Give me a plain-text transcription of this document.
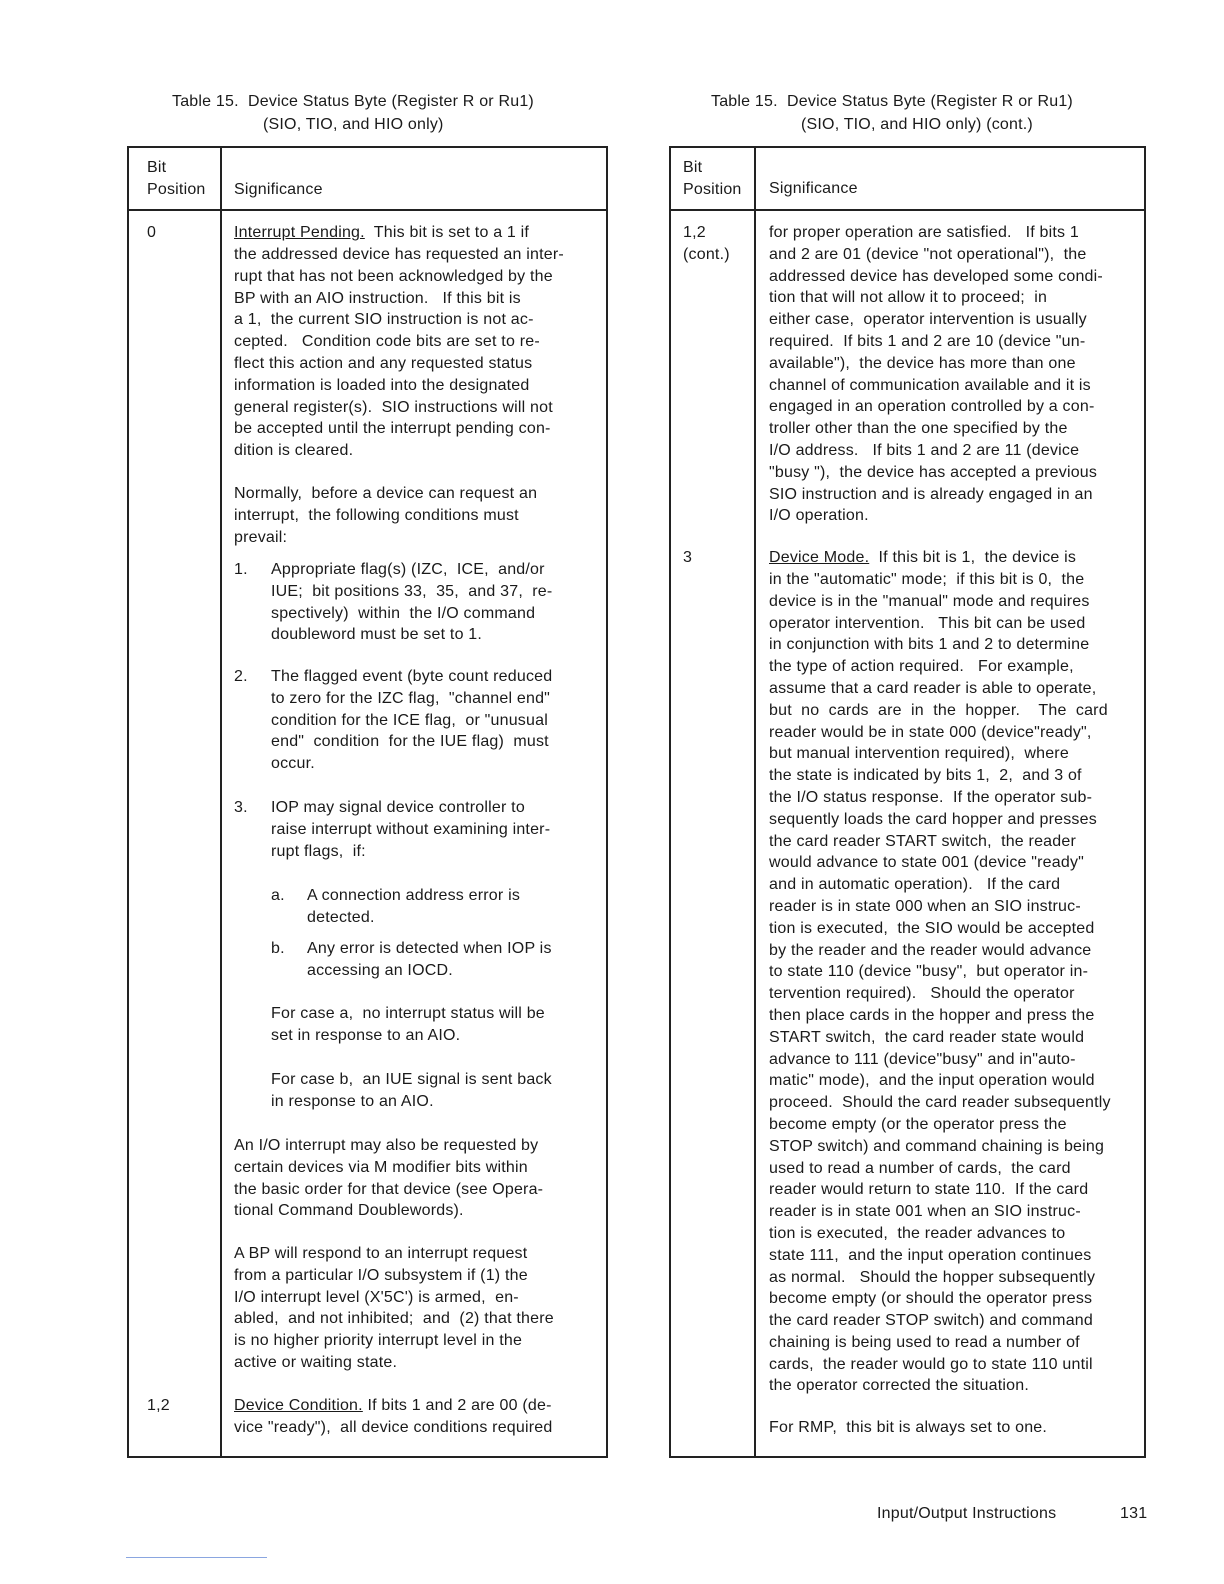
Table 15.  Device Status Byte (Register R or Ru1)
(SIO, TIO, and HIO only)
Bit
Position Significance
0	Interrupt Pending.  This bit is set to a 1 if
the addressed device has requested an inter-
rupt that has not been acknowledged by the
BP with an AIO instruction.   If this bit is
a 1,  the current SIO instruction is not ac-
cepted.   Condition code bits are set to re-
flect this action and any requested status
information is loaded into the designated
general register(s).  SIO instructions will not
be accepted until the interrupt pending con-
dition is cleared.
Normally,  before a device can request an
interrupt,  the following conditions must
prevail:
1. Appropriate flag(s) (IZC,  ICE,  and/or
IUE;  bit positions 33,  35,  and 37,  re-
spectively)  within  the I/O command
doubleword must be set to 1.
2. The flagged event (byte count reduced
to zero for the IZC flag,  "channel end"
condition for the ICE flag,  or "unusual
end"  condition  for the IUE flag)  must
occur.
3. IOP may signal device controller to
raise interrupt without examining inter-
rupt flags,  if:
a. A connection address error is
detected.
b. Any error is detected when IOP is
accessing an IOCD.
For case a,  no interrupt status will be
set in response to an AIO.
For case b,  an IUE signal is sent back
in response to an AIO.
An I/O interrupt may also be requested by
certain devices via M modifier bits within
the basic order for that device (see Opera-
tional Command Doublewords).
A BP will respond to an interrupt request
from a particular I/O subsystem if (1) the
I/O interrupt level (X'5C') is armed,  en-
abled,  and not inhibited;  and  (2) that there
is no higher priority interrupt level in the
active or waiting state.
1,2	Device Condition. If bits 1 and 2 are 00 (de-
vice "ready"),  all device conditions required
Table 15.  Device Status Byte (Register R or Ru1)
(SIO, TIO, and HIO only) (cont.)
Bit
Position Significance
1,2
(cont.)
for proper operation are satisfied.   If bits 1
and 2 are 01 (device "not operational"),  the
addressed device has developed some condi-
tion that will not allow it to proceed;  in
either case,  operator intervention is usually
required.  If bits 1 and 2 are 10 (device "un-
available"),  the device has more than one
channel of communication available and it is
engaged in an operation controlled by a con-
troller other than the one specified by the
I/O address.   If bits 1 and 2 are 11 (device
"busy "),  the device has accepted a previous
SIO instruction and is already engaged in an
I/O operation.
3	Device Mode.  If this bit is 1,  the device is
in the "automatic" mode;  if this bit is 0,  the
device is in the "manual" mode and requires
operator intervention.   This bit can be used
in conjunction with bits 1 and 2 to determine
the type of action required.   For example,
assume that a card reader is able to operate,
but  no  cards  are  in  the  hopper.    The  card
reader would be in state 000 (device"ready",
but manual intervention required),  where
the state is indicated by bits 1,  2,  and 3 of
the I/O status response.  If the operator sub-
sequently loads the card hopper and presses
the card reader START switch,  the reader
would advance to state 001 (device "ready"
and in automatic operation).   If the card
reader is in state 000 when an SIO instruc-
tion is executed,  the SIO would be accepted
by the reader and the reader would advance
to state 110 (device "busy",  but operator in-
tervention required).   Should the operator
then place cards in the hopper and press the
START switch,  the card reader state would
advance to 111 (device"busy" and in"auto-
matic" mode),  and the input operation would
proceed.  Should the card reader subsequently
become empty (or the operator press the
STOP switch) and command chaining is being
used to read a number of cards,  the card
reader would return to state 110.  If the card
reader is in state 001 when an SIO instruc-
tion is executed,  the reader advances to
state 111,  and the input operation continues
as normal.   Should the hopper subsequently
become empty (or should the operator press
the card reader STOP switch) and command
chaining is being used to read a number of
cards,  the reader would go to state 110 until
the operator corrected the situation.
For RMP,  this bit is always set to one.
Input/Output Instructions	131
